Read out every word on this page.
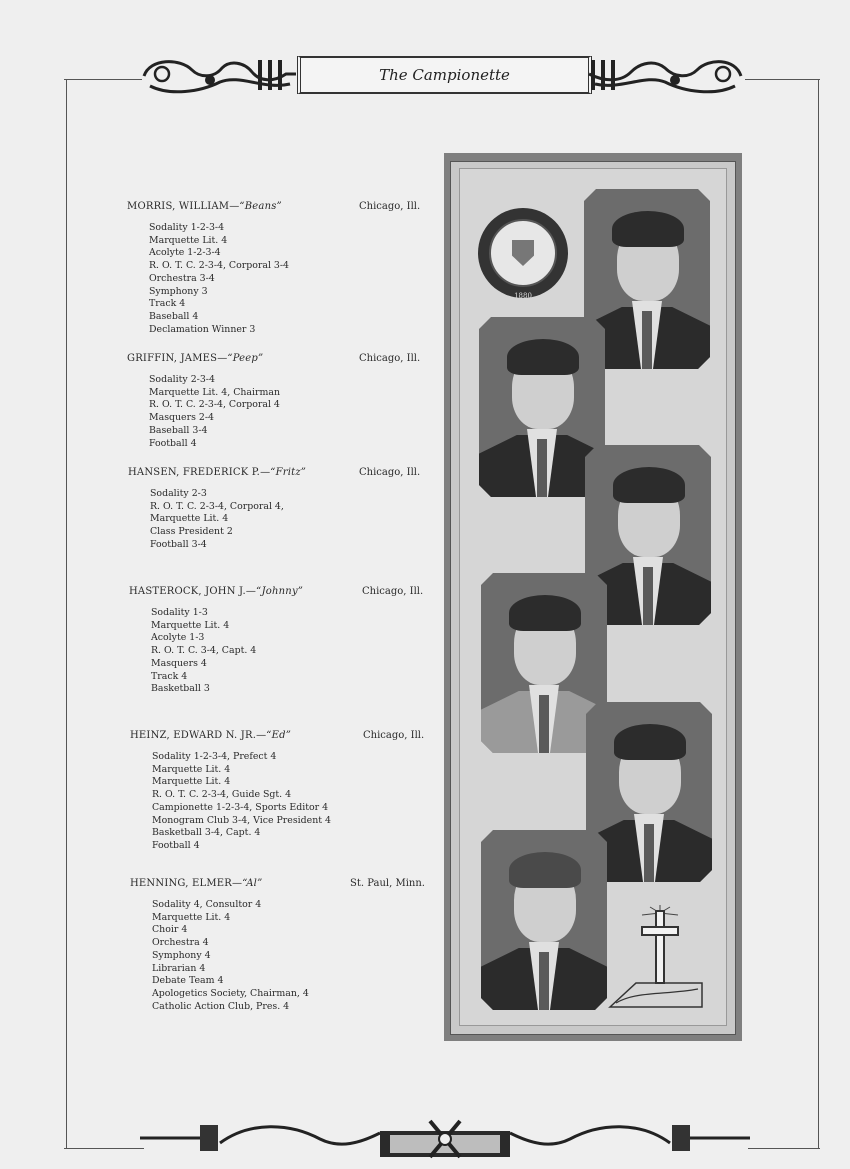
The Campionette
MORRIS, WILLIAM—“Beans”	Chicago, Ill.
Sodality 1-2-3-4
Marquette Lit. 4
Acolyte 1-2-3-4
R. O. T. C. 2-3-4, Corporal 3-4
Orchestra 3-4
Symphony 3
Track 4
Baseball 4
Declamation Winner 3
GRIFFIN, JAMES—“Peep”	Chicago, Ill.
Sodality 2-3-4
Marquette Lit. 4, Chairman
R. O. T. C. 2-3-4, Corporal 4
Masquers 2-4
Baseball 3-4
Football 4
HANSEN, FREDERICK P.—“Fritz”	Chicago, Ill.
Sodality 2-3
R. O. T. C. 2-3-4, Corporal 4,
Marquette Lit. 4
Class President 2
Football 3-4
HASTEROCK, JOHN J.—“Johnny”	Chicago, Ill.
Sodality 1-3
Marquette Lit. 4
Acolyte 1-3
R. O. T. C. 3-4, Capt. 4
Masquers 4
Track 4
Basketball 3
HEINZ, EDWARD N. JR.—“Ed”	Chicago, Ill.
Sodality 1-2-3-4, Prefect 4
Marquette Lit. 4
Marquette Lit. 4
R. O. T. C. 2-3-4, Guide Sgt. 4
Campionette 1-2-3-4, Sports Editor 4
Monogram Club 3-4, Vice President 4
Basketball 3-4, Capt. 4
Football 4
HENNING, ELMER—“Al”	St. Paul, Minn.
Sodality 4, Consultor 4
Marquette Lit. 4
Choir 4
Orchestra 4
Symphony 4
Librarian 4
Debate Team 4
Apologetics Society, Chairman, 4
Catholic Action Club, Pres. 4
1880
